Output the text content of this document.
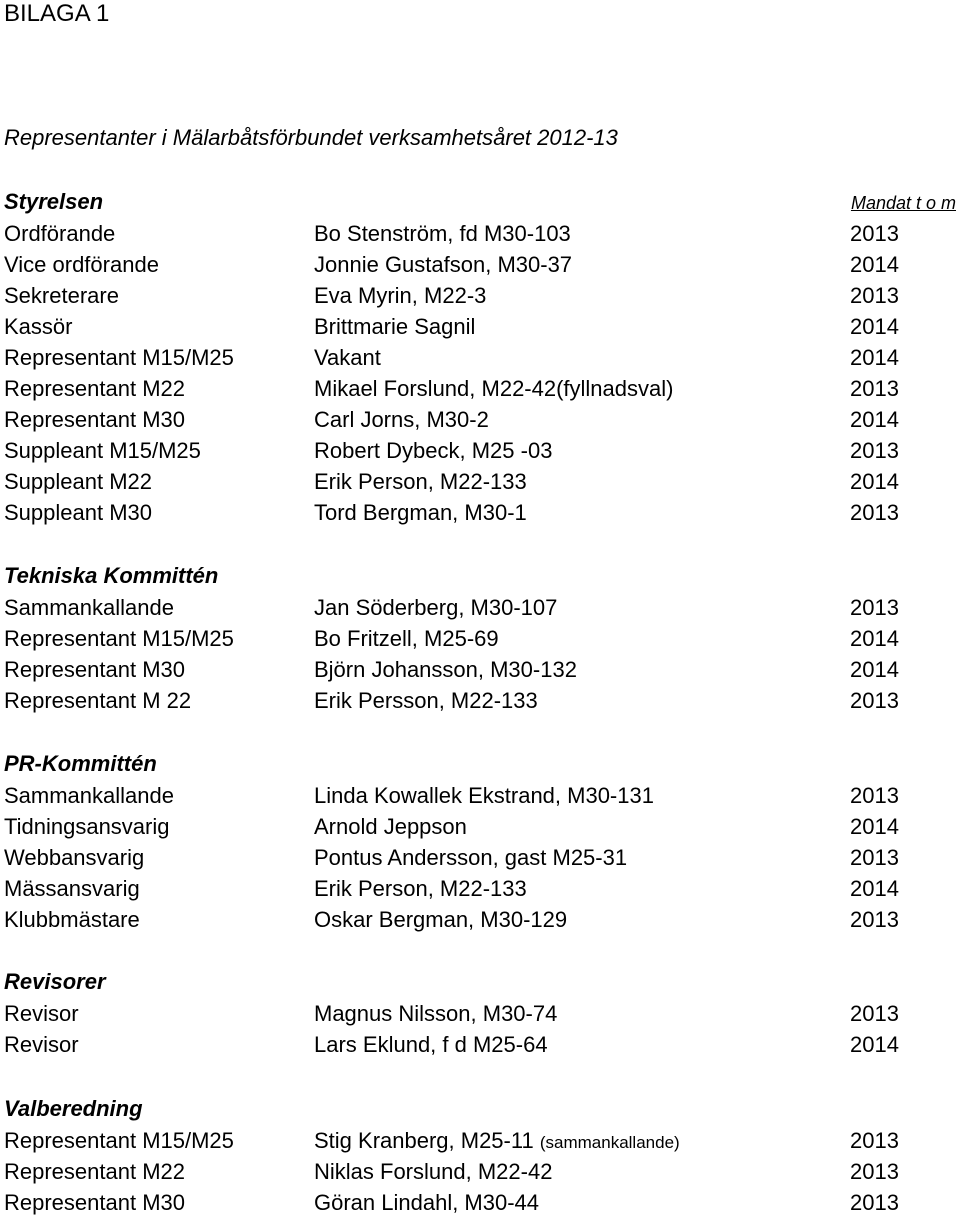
BILAGA 1
Representanter i Mälarbåtsförbundet verksamhetsåret 2012-13
Styrelsen	Mandat t o m
Ordförande	Bo Stenström, fd M30-103	2013
Vice ordförande	Jonnie Gustafson, M30-37	2014
Sekreterare	Eva Myrin, M22-3	2013
Kassör	Brittmarie Sagnil	2014
Representant M15/M25	Vakant	2014
Representant M22	Mikael Forslund, M22-42(fyllnadsval)	2013
Representant M30	Carl Jorns, M30-2	2014
Suppleant M15/M25	Robert Dybeck, M25 -03	2013
Suppleant M22	Erik Person, M22-133	2014
Suppleant M30	Tord Bergman, M30-1	2013
Tekniska Kommittén
Sammankallande	Jan Söderberg, M30-107	2013
Representant M15/M25	Bo Fritzell, M25-69	2014
Representant M30	Björn Johansson, M30-132	2014
Representant M 22	Erik Persson, M22-133	2013
PR-Kommittén
Sammankallande	Linda Kowallek Ekstrand, M30-131	2013
Tidningsansvarig	Arnold Jeppson	2014
Webbansvarig	Pontus Andersson, gast M25-31	2013
Mässansvarig	Erik Person, M22-133	2014
Klubbmästare	Oskar Bergman, M30-129	2013
Revisorer
Revisor	Magnus Nilsson, M30-74	2013
Revisor	Lars Eklund, f d M25-64	2014
Valberedning
Representant M15/M25	Stig Kranberg, M25-11 (sammankallande)	2013
Representant M22	Niklas Forslund, M22-42	2013
Representant M30	Göran Lindahl, M30-44	2013
